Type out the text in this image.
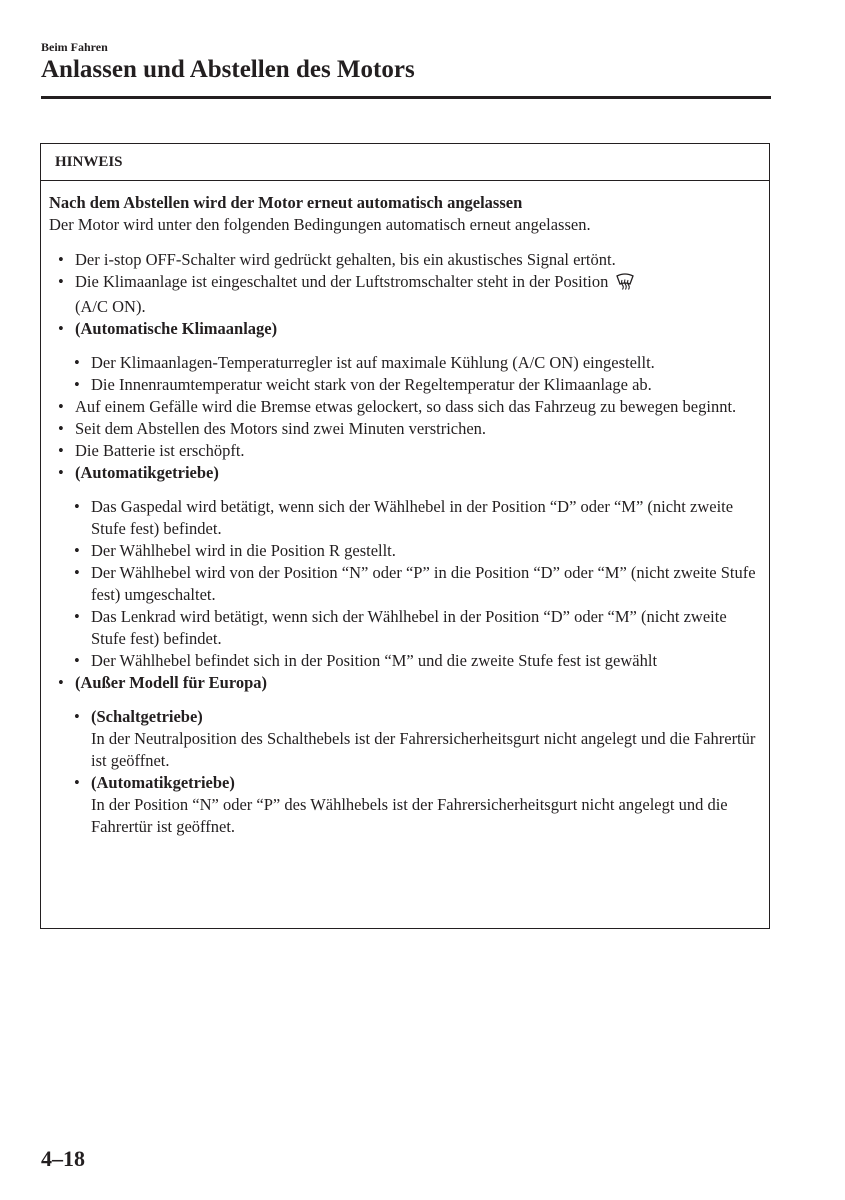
Beim Fahren
Anlassen und Abstellen des Motors
HINWEIS

Nach dem Abstellen wird der Motor erneut automatisch angelassen

Der Motor wird unter den folgenden Bedingungen automatisch erneut angelassen.

• Der i-stop OFF-Schalter wird gedrückt gehalten, bis ein akustisches Signal ertönt.
• Die Klimaanlage ist eingeschaltet und der Luftstromschalter steht in der Position
(A/C ON).
• (Automatische Klimaanlage)
• Der Klimaanlagen-Temperaturregler ist auf maximale Kühlung (A/C ON) eingestellt.
• Die Innenraumtemperatur weicht stark von der Regeltemperatur der Klimaanlage ab.
• Auf einem Gefälle wird die Bremse etwas gelockert, so dass sich das Fahrzeug zu bewegen beginnt.
• Seit dem Abstellen des Motors sind zwei Minuten verstrichen.
• Die Batterie ist erschöpft.
• (Automatikgetriebe)
• Das Gaspedal wird betätigt, wenn sich der Wählhebel in der Position “D” oder “M” (nicht zweite Stufe fest) befindet.
• Der Wählhebel wird in die Position R gestellt.
• Der Wählhebel wird von der Position “N” oder “P” in die Position “D” oder “M” (nicht zweite Stufe fest) umgeschaltet.
• Das Lenkrad wird betätigt, wenn sich der Wählhebel in der Position “D” oder “M” (nicht zweite Stufe fest) befindet.
• Der Wählhebel befindet sich in der Position “M” und die zweite Stufe fest ist gewählt
• (Außer Modell für Europa)
• (Schaltgetriebe)
In der Neutralposition des Schalthebels ist der Fahrersicherheitsgurt nicht angelegt und die Fahrertür ist geöffnet.
• (Automatikgetriebe)
In der Position “N” oder “P” des Wählhebels ist der Fahrersicherheitsgurt nicht angelegt und die Fahrertür ist geöffnet.
4–18
